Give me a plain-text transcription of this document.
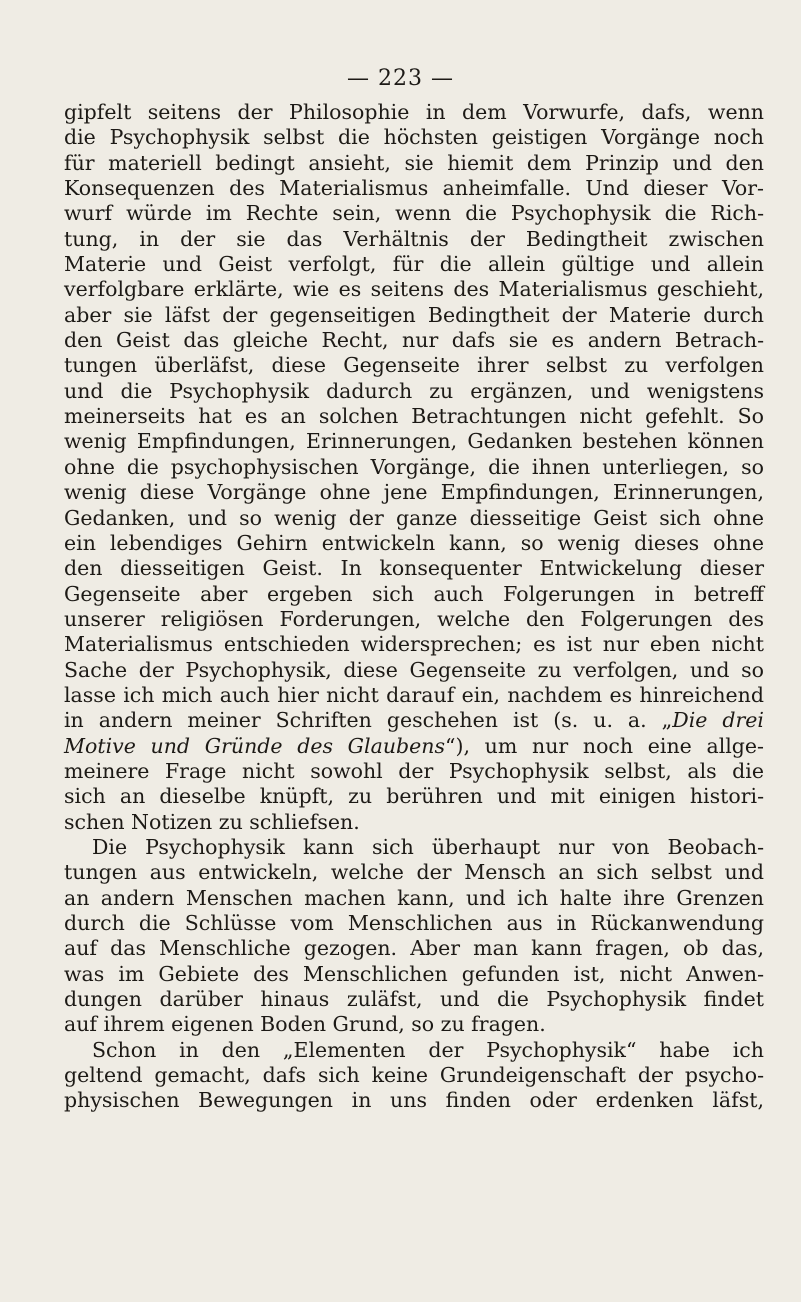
— 223 —
gipfelt seitens der Philosophie in dem Vorwurfe, dafs, wenn
die Psychophysik selbst die höchsten geistigen Vorgänge noch
für materiell bedingt ansieht, sie hiemit dem Prinzip und den
Konsequenzen des Materialismus anheimfalle. Und dieser Vor-
wurf würde im Rechte sein, wenn die Psychophysik die Rich-
tung, in der sie das Verhältnis der Bedingtheit zwischen
Materie und Geist verfolgt, für die allein gültige und allein
verfolgbare erklärte, wie es seitens des Materialismus geschieht,
aber sie läfst der gegenseitigen Bedingtheit der Materie durch
den Geist das gleiche Recht, nur dafs sie es andern Betrach-
tungen überläfst, diese Gegenseite ihrer selbst zu verfolgen
und die Psychophysik dadurch zu ergänzen, und wenigstens
meinerseits hat es an solchen Betrachtungen nicht gefehlt. So
wenig Empfindungen, Erinnerungen, Gedanken bestehen können
ohne die psychophysischen Vorgänge, die ihnen unterliegen, so
wenig diese Vorgänge ohne jene Empfindungen, Erinnerungen,
Gedanken, und so wenig der ganze diesseitige Geist sich ohne
ein lebendiges Gehirn entwickeln kann, so wenig dieses ohne
den diesseitigen Geist. In konsequenter Entwickelung dieser
Gegenseite aber ergeben sich auch Folgerungen in betreff
unserer religiösen Forderungen, welche den Folgerungen des
Materialismus entschieden widersprechen; es ist nur eben nicht
Sache der Psychophysik, diese Gegenseite zu verfolgen, und so
lasse ich mich auch hier nicht darauf ein, nachdem es hinreichend
in andern meiner Schriften geschehen ist (s. u. a. „Die drei
Motive und Gründe des Glaubens“), um nur noch eine allge-
meinere Frage nicht sowohl der Psychophysik selbst, als die
sich an dieselbe knüpft, zu berühren und mit einigen histori-
schen Notizen zu schliefsen.
Die Psychophysik kann sich überhaupt nur von Beobach-
tungen aus entwickeln, welche der Mensch an sich selbst und
an andern Menschen machen kann, und ich halte ihre Grenzen
durch die Schlüsse vom Menschlichen aus in Rückanwendung
auf das Menschliche gezogen. Aber man kann fragen, ob das,
was im Gebiete des Menschlichen gefunden ist, nicht Anwen-
dungen darüber hinaus zuläfst, und die Psychophysik findet
auf ihrem eigenen Boden Grund, so zu fragen.
Schon in den „Elementen der Psychophysik“ habe ich
geltend gemacht, dafs sich keine Grundeigenschaft der psycho-
physischen Bewegungen in uns finden oder erdenken läfst,
